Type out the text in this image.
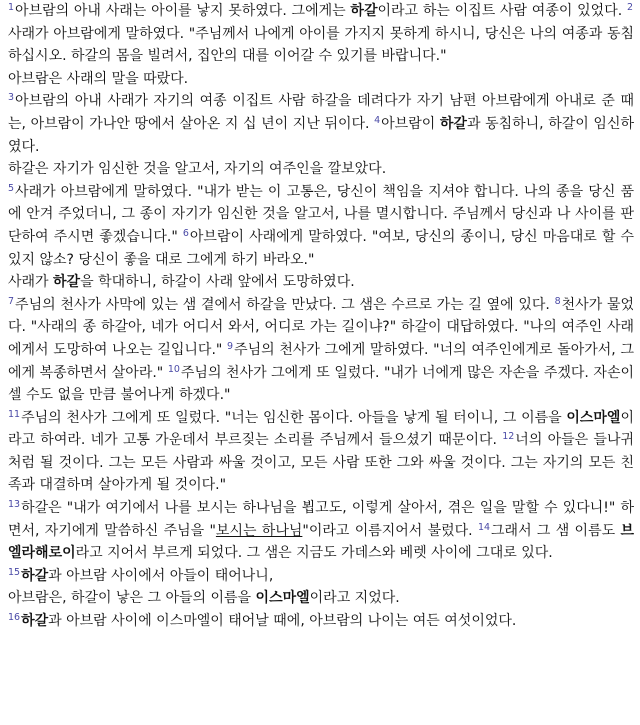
$^1$아브람의 아내 사래는 아이를 낳지 못하였다. 그에게는 하갈이라고 하는 이집트 사람 여종이 있었다. $^2$사래가 아브람에게 말하였다. "주님께서 나에게 아이를 가지지 못하게 하시니, 당신은 나의 여종과 동침하십시오. 하갈의 몸을 빌려서, 집안의 대를 이어갈 수 있기를 바랍니다."

아브람은 사래의 말을 따랐다.

$^3$아브람의 아내 사래가 자기의 여종 이집트 사람 하갈을 데려다가 자기 남편 아브람에게 아내로 준 때는, 아브람이 가나안 땅에서 살아온 지 십 년이 지난 뒤이다. $^4$아브람이 하갈과 동침하니, 하갈이 임신하였다.

하갈은 자기가 임신한 것을 알고서, 자기의 여주인을 깔보았다.

$^5$사래가 아브람에게 말하였다. "내가 받는 이 고통은, 당신이 책임을 지셔야 합니다. 나의 종을 당신 품에 안겨 주었더니, 그 종이 자기가 임신한 것을 알고서, 나를 멸시합니다. 주님께서 당신과 나 사이를 판단하여 주시면 좋겠습니다." $^6$아브람이 사래에게 말하였다. "여보, 당신의 종이니, 당신 마음대로 할 수 있지 않소? 당신이 좋을 대로 그에게 하기 바라오."

사래가 하갈을 학대하니, 하갈이 사래 앞에서 도망하였다.

$^7$주님의 천사가 사막에 있는 샘 곁에서 하갈을 만났다. 그 샘은 수르로 가는 길 옆에 있다. $^8$천사가 물었다. "사래의 종 하갈아, 네가 어디서 와서, 어디로 가는 길이냐?" 하갈이 대답하였다. "나의 여주인 사래에게서 도망하여 나오는 길입니다." $^9$주님의 천사가 그에게 말하였다. "너의 여주인에게로 돌아가서, 그에게 복종하면서 살아라." $^{10}$주님의 천사가 그에게 또 일렀다. "내가 너에게 많은 자손을 주겠다. 자손이 셀 수도 없을 만큼 불어나게 하겠다."

$^{11}$주님의 천사가 그에게 또 일렀다. "너는 임신한 몸이다. 아들을 낳게 될 터이니, 그 이름을 이스마엘이라고 하여라. 네가 고통 가운데서 부르짖는 소리를 주님께서 들으셨기 때문이다. $^{12}$너의 아들은 들나귀처럼 될 것이다. 그는 모든 사람과 싸울 것이고, 모든 사람 또한 그와 싸울 것이다. 그는 자기의 모든 친족과 대결하며 살아가게 될 것이다."

$^{13}$하갈은 "내가 여기에서 나를 보시는 하나님을 뵙고도, 이렇게 살아서, 겪은 일을 말할 수 있다니!" 하면서, 자기에게 말씀하신 주님을 "보시는 하나님"이라고 이름지어서 불렀다. $^{14}$그래서 그 샘 이름도 브엘라해로이라고 지어서 부르게 되었다. 그 샘은 지금도 가데스와 베렛 사이에 그대로 있다.

$^{15}$하갈과 아브람 사이에서 아들이 태어나니,

아브람은, 하갈이 낳은 그 아들의 이름을 이스마엘이라고 지었다.

$^{16}$하갈과 아브람 사이에 이스마엘이 태어날 때에, 아브람의 나이는 여든 여섯이었다.
